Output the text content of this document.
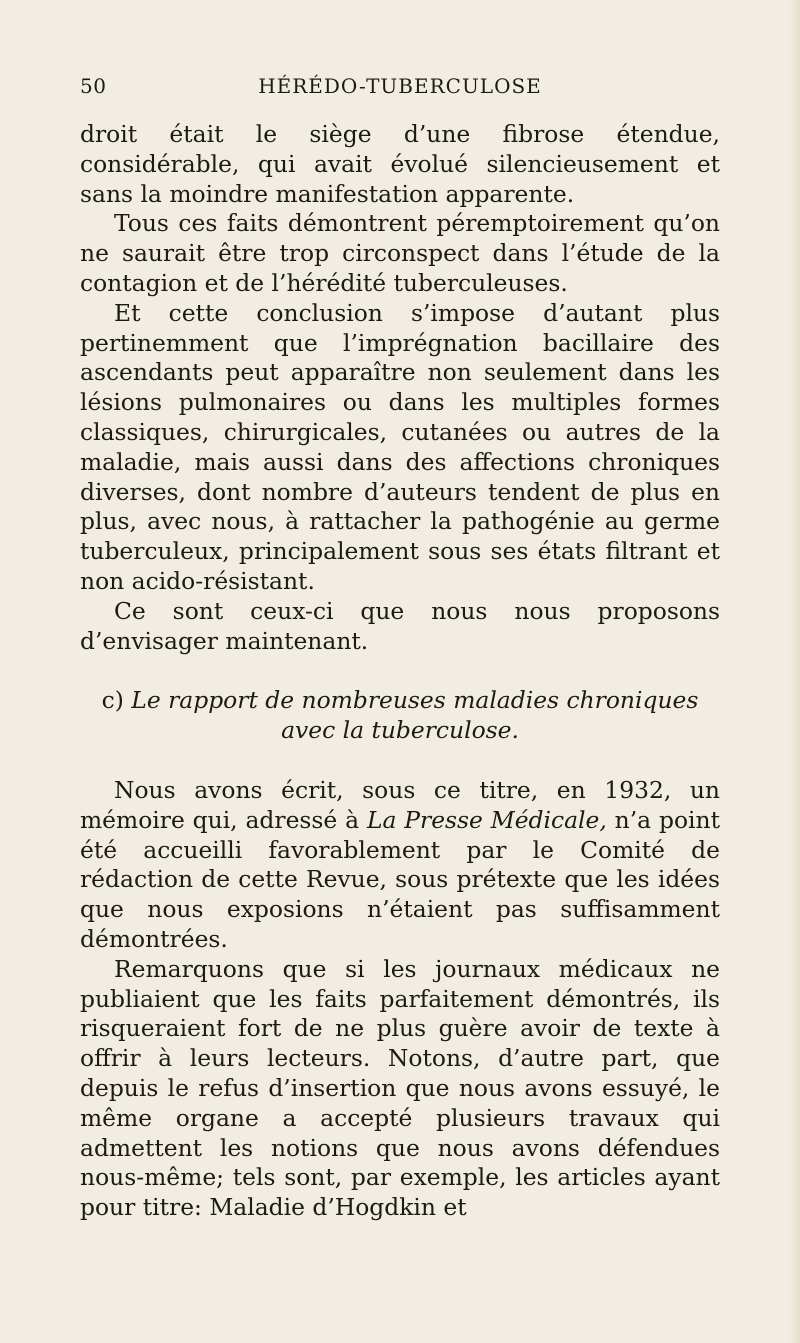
50	HÉRÉDO-TUBERCULOSE

droit était le siège d’une fibrose étendue, considérable, qui avait évolué silencieusement et sans la moindre manifestation apparente.

Tous ces faits démontrent péremptoirement qu’on ne saurait être trop circonspect dans l’étude de la contagion et de l’hérédité tuberculeuses.

Et cette conclusion s’impose d’autant plus pertinemment que l’imprégnation bacillaire des ascendants peut apparaître non seulement dans les lésions pulmonaires ou dans les multiples formes classiques, chirurgicales, cutanées ou autres de la maladie, mais aussi dans des affections chroniques diverses, dont nombre d’auteurs tendent de plus en plus, avec nous, à rattacher la pathogénie au germe tuberculeux, principalement sous ses états filtrant et non acido-résistant.

Ce sont ceux-ci que nous nous proposons d’envisager maintenant.

c) Le rapport de nombreuses maladies chroniques
avec la tuberculose.

Nous avons écrit, sous ce titre, en 1932, un mémoire qui, adressé à La Presse Médicale, n’a point été accueilli favorablement par le Comité de rédaction de cette Revue, sous prétexte que les idées que nous exposions n’étaient pas suffisamment démontrées.

Remarquons que si les journaux médicaux ne publiaient que les faits parfaitement démontrés, ils risqueraient fort de ne plus guère avoir de texte à offrir à leurs lecteurs. Notons, d’autre part, que depuis le refus d’insertion que nous avons essuyé, le même organe a accepté plusieurs travaux qui admettent les notions que nous avons défendues nous-même; tels sont, par exemple, les articles ayant pour titre: Maladie d’Hogdkin et
